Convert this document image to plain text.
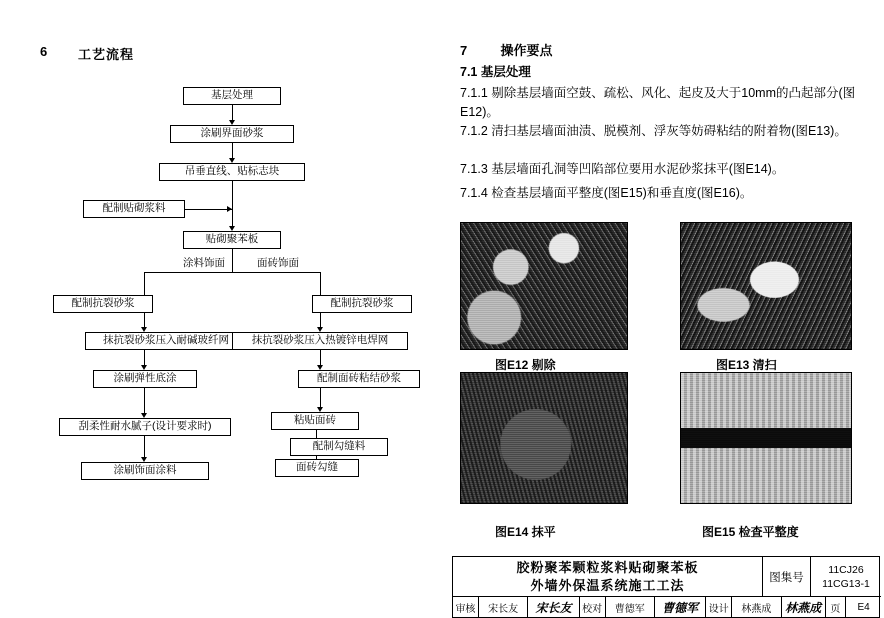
6 工艺流程
基层处理
涂刷界面砂浆
吊垂直线、贴标志块
配制贴砌浆料
贴砌聚苯板
涂料饰面	面砖饰面
配制抗裂砂浆
抹抗裂砂浆压入耐碱玻纤网
涂刷弹性底涂
刮柔性耐水腻子(设计要求时)
涂刷饰面涂料
配制抗裂砂浆
抹抗裂砂浆压入热镀锌电焊网
配制面砖粘结砂浆
粘贴面砖
配制勾缝料
面砖勾缝
7	操作要点
7.1 基层处理
7.1.1 剔除基层墙面空鼓、疏松、风化、起皮及大于10mm的凸起部分(图E12)。
7.1.2 清扫基层墙面油渍、脱模剂、浮灰等妨碍粘结的附着物(图E13)。
7.1.3 基层墙面孔洞等凹陷部位要用水泥砂浆抹平(图E14)。
7.1.4 检查基层墙面平整度(图E15)和垂直度(图E16)。
图E12 剔除	图E13 清扫
图E14 抹平	图E15 检查平整度
胶粉聚苯颗粒浆料贴砌聚苯板
外墙外保温系统施工工法	图集号
11CJ26
11CG13-1
审核	宋长友	宋长友	校对	曹德军	曹德军	设计	林燕成	林燕成 页	E4
